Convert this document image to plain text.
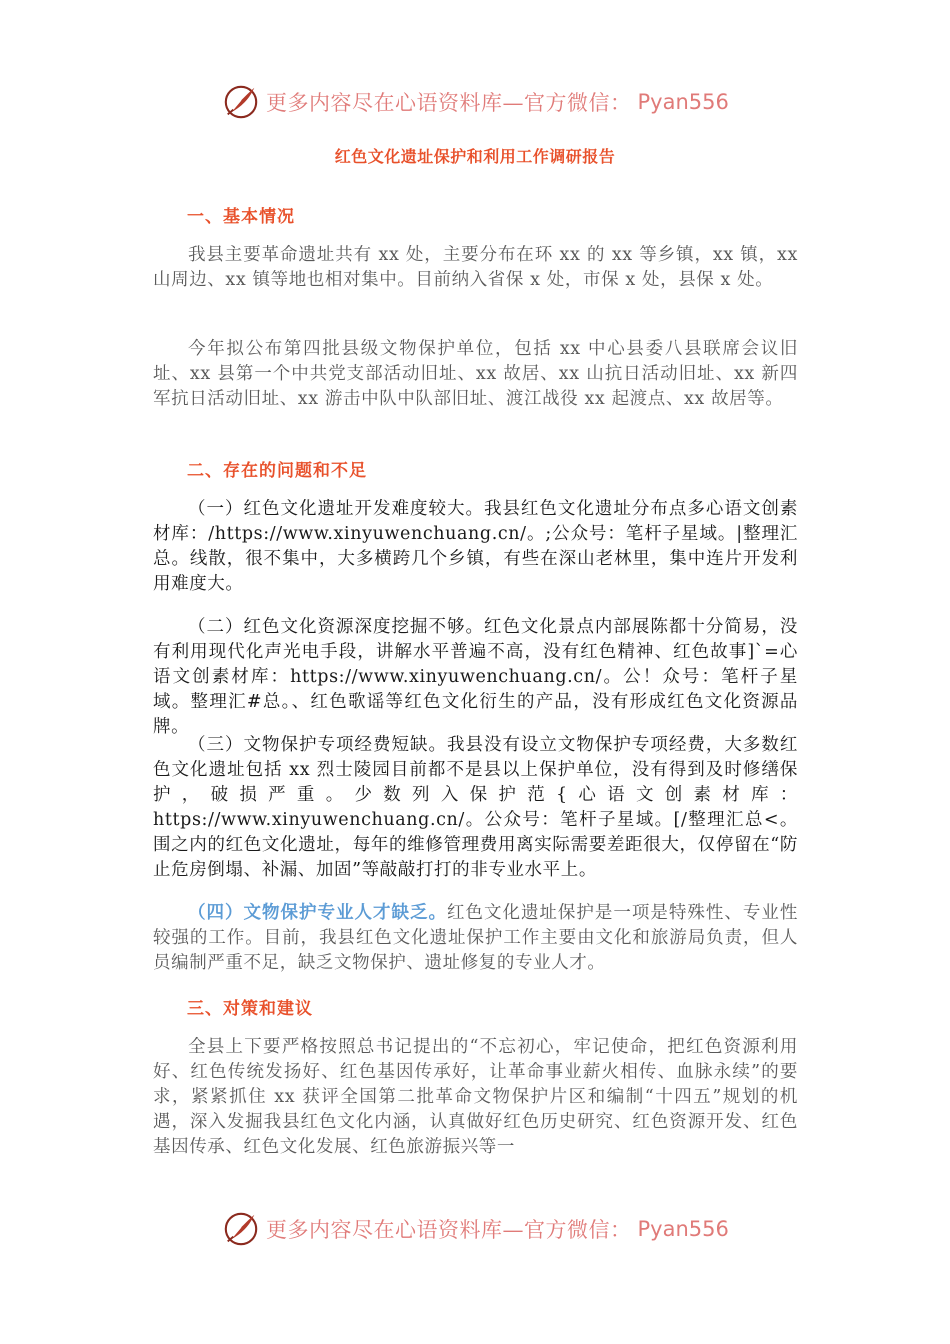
更多内容尽在心语资料库—官方微信： Pyan556
红色文化遗址保护和利用工作调研报告
一、基本情况
我县主要革命遗址共有 xx 处，主要分布在环 xx 的 xx 等乡镇，xx 镇，xx 山周边、xx 镇等地也相对集中。目前纳入省保 x 处，市保 x 处，县保 x 处。
今年拟公布第四批县级文物保护单位，包括 xx 中心县委八县联席会议旧址、xx 县第一个中共党支部活动旧址、xx 故居、xx 山抗日活动旧址、xx 新四军抗日活动旧址、xx 游击中队中队部旧址、渡江战役 xx 起渡点、xx 故居等。
二、存在的问题和不足
（一）红色文化遗址开发难度较大。我县红色文化遗址分布点多心语文创素材库：/https://www.xinyuwenchuang.cn/。;公众号：笔杆子星域。|整理汇总。线散，很不集中，大多横跨几个乡镇，有些在深山老林里，集中连片开发利用难度大。
（二）红色文化资源深度挖掘不够。红色文化景点内部展陈都十分简易，没有利用现代化声光电手段，讲解水平普遍不高，没有红色精神、红色故事]`=心语文创素材库：https://www.xinyuwenchuang.cn/。公！众号：笔杆子星域。整理汇#总。、红色歌谣等红色文化衍生的产品，没有形成红色文化资源品牌。
（三）文物保护专项经费短缺。我县没有设立文物保护专项经费，大多数红色文化遗址包括 xx 烈士陵园目前都不是县以上保护单位，没有得到及时修缮保护，破损严重。少数列入保护范{心语文创素材库：https://www.xinyuwenchuang.cn/。公众号：笔杆子星域。[/整理汇总<。围之内的红色文化遗址，每年的维修管理费用离实际需要差距很大，仅停留在“防止危房倒塌、补漏、加固”等敲敲打打的非专业水平上。
（四）文物保护专业人才缺乏。红色文化遗址保护是一项是特殊性、专业性较强的工作。目前，我县红色文化遗址保护工作主要由文化和旅游局负责，但人员编制严重不足，缺乏文物保护、遗址修复的专业人才。
三、对策和建议
全县上下要严格按照总书记提出的“不忘初心，牢记使命，把红色资源利用好、红色传统发扬好、红色基因传承好，让革命事业薪火相传、血脉永续”的要求，紧紧抓住 xx 获评全国第二批革命文物保护片区和编制“十四五”规划的机遇，深入发掘我县红色文化内涵，认真做好红色历史研究、红色资源开发、红色基因传承、红色文化发展、红色旅游振兴等一
更多内容尽在心语资料库—官方微信： Pyan556
